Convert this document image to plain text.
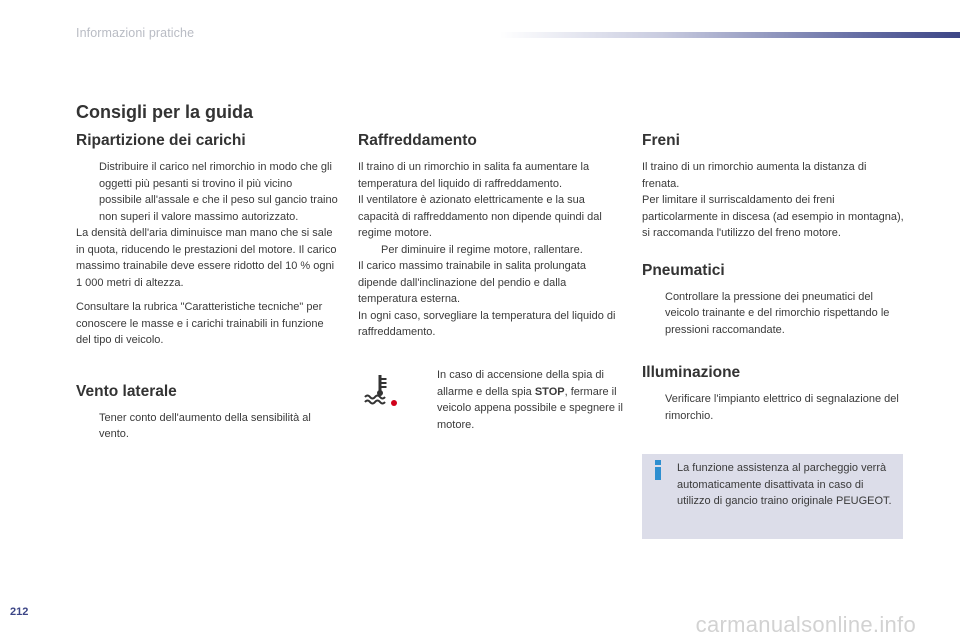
Informazioni pratiche
Consigli per la guida
Ripartizione dei carichi

Distribuire il carico nel rimorchio in modo che gli oggetti più pesanti si trovino il più vicino possibile all'assale e che il peso sul gancio traino non superi il valore massimo autorizzato.

La densità dell'aria diminuisce man mano che si sale in quota, riducendo le prestazioni del motore. Il carico massimo trainabile deve essere ridotto del 10 % ogni 1 000 metri di altezza.

Consultare la rubrica "Caratteristiche tecniche" per conoscere le masse e i carichi trainabili in funzione del tipo di veicolo.

Vento laterale

Tener conto dell'aumento della sensibilità al vento.

Raffreddamento

Il traino di un rimorchio in salita fa aumentare la temperatura del liquido di raffreddamento.

Il ventilatore è azionato elettricamente e la sua capacità di raffreddamento non dipende quindi dal regime motore.

Per diminuire il regime motore, rallentare.

Il carico massimo trainabile in salita prolungata dipende dall'inclinazione del pendio e dalla temperatura esterna.

In ogni caso, sorvegliare la temperatura del liquido di raffreddamento.

In caso di accensione della spia di allarme e della spia STOP, fermare il veicolo appena possibile e spegnere il motore.

Freni

Il traino di un rimorchio aumenta la distanza di frenata.

Per limitare il surriscaldamento dei freni particolarmente in discesa (ad esempio in montagna), si raccomanda l'utilizzo del freno motore.

Pneumatici

Controllare la pressione dei pneumatici del veicolo trainante e del rimorchio rispettando le pressioni raccomandate.

Illuminazione

Verificare l'impianto elettrico di segnalazione del rimorchio.

La funzione assistenza al parcheggio verrà automaticamente disattivata in caso di utilizzo di gancio traino originale PEUGEOT.

212	carmanualsonline.info
